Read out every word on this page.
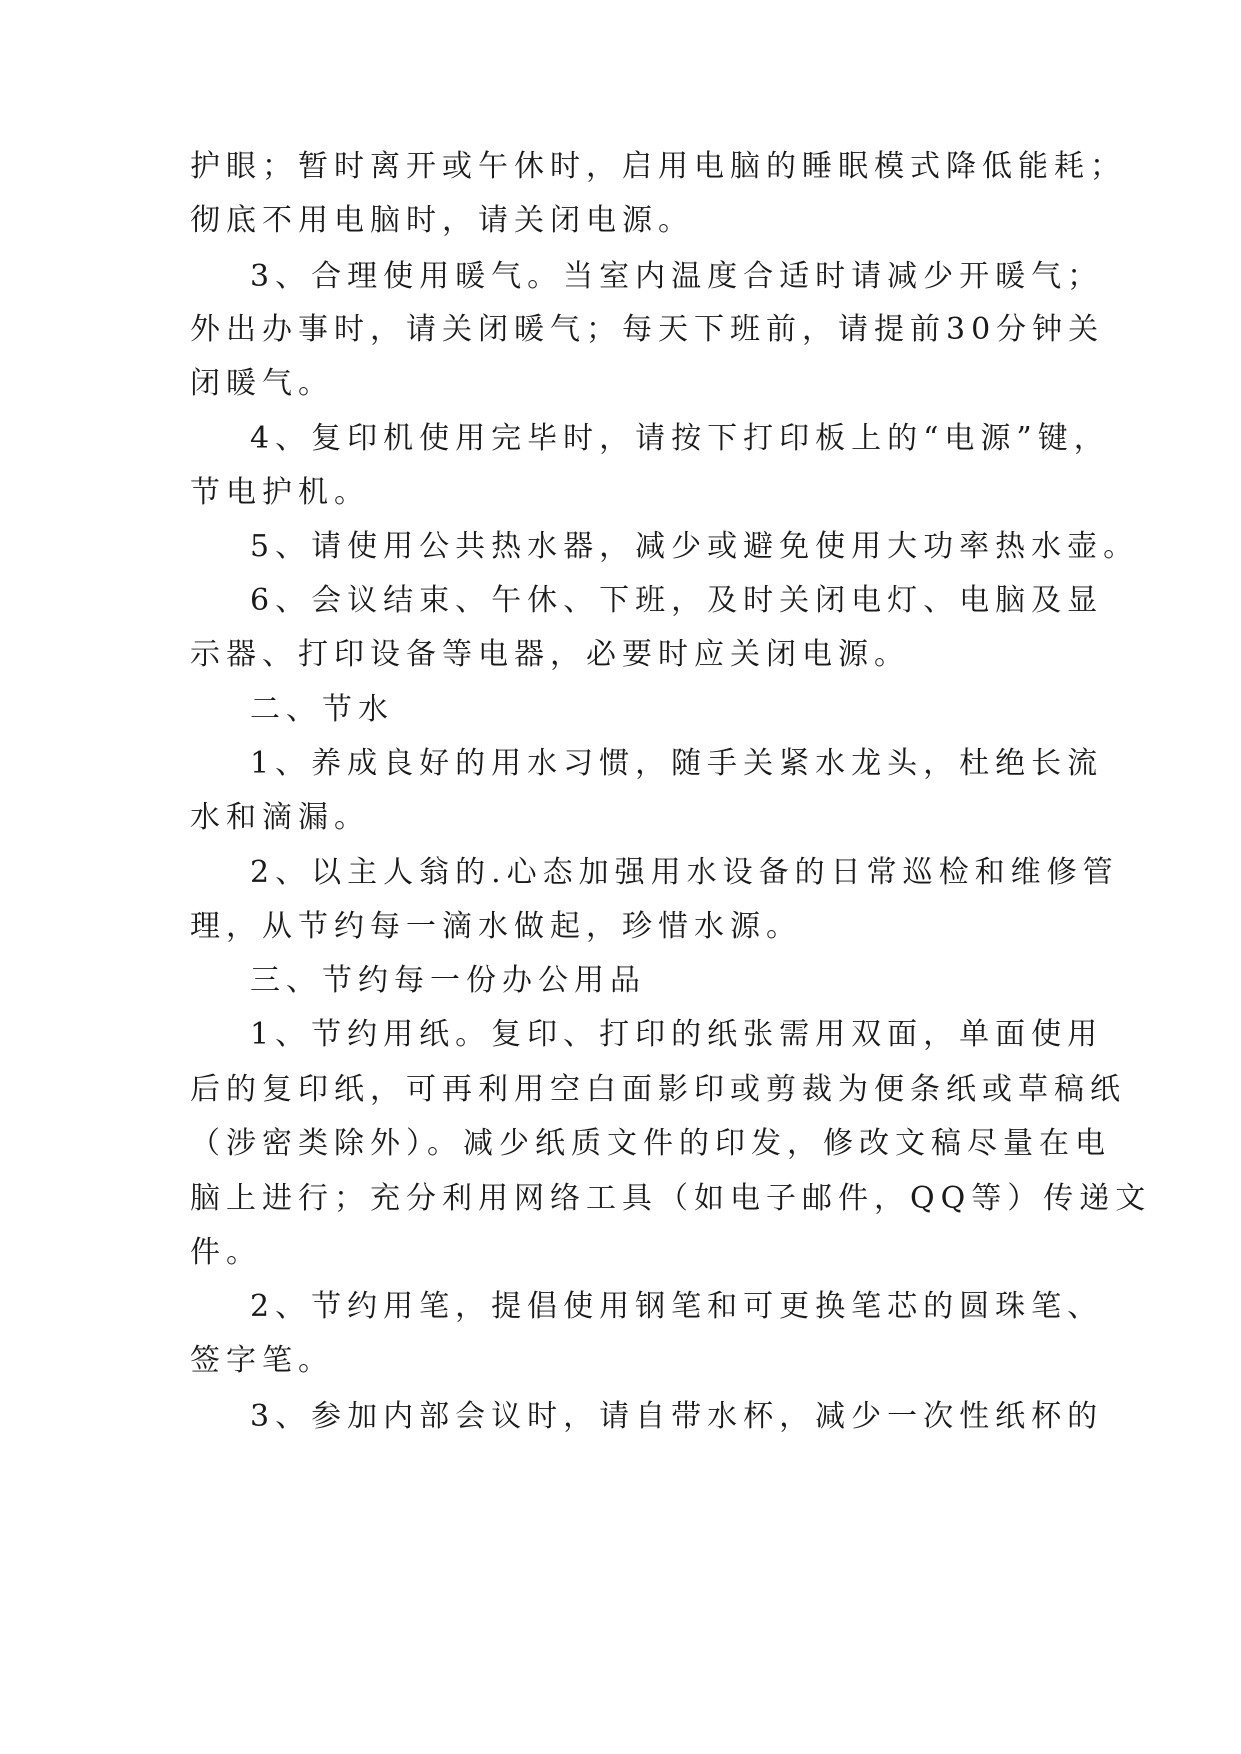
护眼；暂时离开或午休时，启用电脑的睡眠模式降低能耗；

彻底不用电脑时，请关闭电源。

3、合理使用暖气。当室内温度合适时请减少开暖气；

外出办事时，请关闭暖气；每天下班前，请提前30分钟关

闭暖气。

4、复印机使用完毕时，请按下打印板上的“电源”键，

节电护机。

5、请使用公共热水器，减少或避免使用大功率热水壶。

6、会议结束、午休、下班，及时关闭电灯、电脑及显

示器、打印设备等电器，必要时应关闭电源。

二、节水

1、养成良好的用水习惯，随手关紧水龙头，杜绝长流

水和滴漏。

2、以主人翁的.心态加强用水设备的日常巡检和维修管

理，从节约每一滴水做起，珍惜水源。

三、节约每一份办公用品

1、节约用纸。复印、打印的纸张需用双面，单面使用

后的复印纸，可再利用空白面影印或剪裁为便条纸或草稿纸

（涉密类除外）。减少纸质文件的印发，修改文稿尽量在电

脑上进行；充分利用网络工具（如电子邮件，QQ等）传递文

件。

2、节约用笔，提倡使用钢笔和可更换笔芯的圆珠笔、

签字笔。

3、参加内部会议时，请自带水杯，减少一次性纸杯的
